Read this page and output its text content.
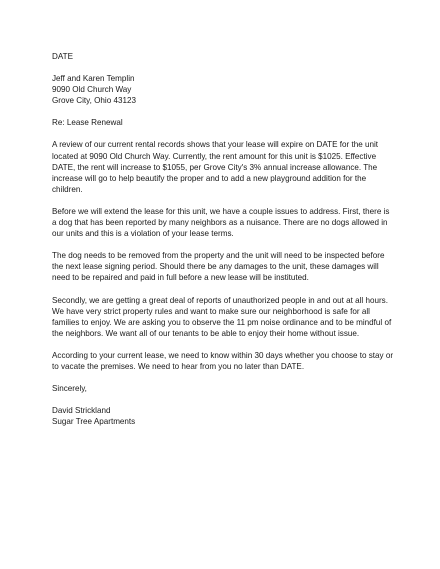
DATE

Jeff and Karen Templin

9090 Old Church Way

Grove City, Ohio 43123

Re: Lease Renewal

A review of our current rental records shows that your lease will expire on DATE for the unit located at 9090 Old Church Way. Currently, the rent amount for this unit is $1025. Effective DATE, the rent will increase to $1055, per Grove City's 3% annual increase allowance. The increase will go to help beautify the proper and to add a new playground addition for the children.

Before we will extend the lease for this unit, we have a couple issues to address. First, there is a dog that has been reported by many neighbors as a nuisance. There are no dogs allowed in our units and this is a violation of your lease terms.

The dog needs to be removed from the property and the unit will need to be inspected before the next lease signing period. Should there be any damages to the unit, these damages will need to be repaired and paid in full before a new lease will be instituted.

Secondly, we are getting a great deal of reports of unauthorized people in and out at all hours. We have very strict property rules and want to make sure our neighborhood is safe for all families to enjoy. We are asking you to observe the 11 pm noise ordinance and to be mindful of the neighbors. We want all of our tenants to be able to enjoy their home without issue.

According to your current lease, we need to know within 30 days whether you choose to stay or to vacate the premises. We need to hear from you no later than DATE.

Sincerely,

David Strickland

Sugar Tree Apartments
